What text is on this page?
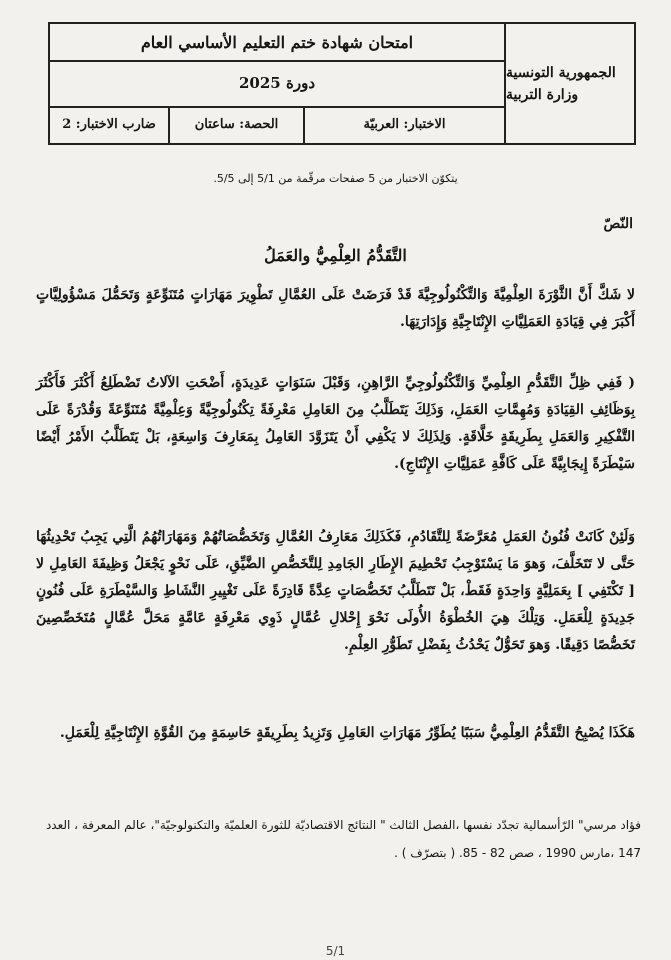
الجمهورية التونسية
وزارة التربية
امتحان شهادة ختم التعليم الأساسي العام
دورة 2025
الاختبار: العربيّة
الحصة: ساعتان
ضارب الاختبار: 2
يتكوّن الاختبار من 5 صفحات مرقّمة من 5/1 إلى 5/5.
النّصّ
التَّقَدُّمُ العِلْمِيُّ والعَمَلُ
لا شَكَّ أَنَّ الثَّوْرَةَ العِلْمِيَّةَ وَالتِّكْنُولُوجِيَّةَ قَدْ فَرَضَتْ عَلَى العُمَّالِ تَطْوِيرَ مَهَارَاتٍ مُتَنَوِّعَةٍ وَتَحَمُّلَ مَسْؤُولِيَّاتٍ أَكْبَرَ فِي قِيَادَةِ العَمَلِيَّاتِ الإِنْتَاجِيَّةِ وَإِدَارَتِهَا.
( فَفِي ظِلِّ التَّقَدُّمِ العِلْمِيِّ وَالتِّكْنُولُوجِيِّ الرَّاهِنِ، وَقَبْلَ سَنَوَاتٍ عَدِيدَةٍ، أَضْحَتِ الآلاتُ تَضْطَلِعُ أَكْثَرَ فَأَكْثَرَ بِوَظَائِفِ القِيَادَةِ وَمُهِمَّاتِ العَمَلِ، وَذَلِكَ يَتَطَلَّبُ مِنَ العَامِلِ مَعْرِفَةً تِكْنُولُوجِيَّةً وَعِلْمِيَّةً مُتَنَوِّعَةً وَقُدْرَةً عَلَى التَّفْكِيرِ وَالعَمَلِ بِطَرِيقَةٍ خَلَّاقَةٍ. وَلِذَلِكَ لا يَكْفِي أَنْ يَتَزَوَّدَ العَامِلُ بِمَعَارِفَ وَاسِعَةٍ، بَلْ يَتَطَلَّبُ الأَمْرُ أَيْضًا سَيْطَرَةً إِيجَابِيَّةً عَلَى كَافَّةِ عَمَلِيَّاتِ الإِنْتَاجِ).
وَلَئِنْ كَانَتْ فُنُونُ العَمَلِ مُعَرَّضَةً لِلتَّقَادُمِ، فَكَذَلِكَ مَعَارِفُ العُمَّالِ وَتَخَصُّصَاتُهُمْ وَمَهَارَاتُهُمُ الَّتِي يَجِبُ تَحْدِيثُهَا حَتَّى لا تَتَخَلَّفَ، وَهوَ مَا يَسْتَوْجِبُ تَحْطِيمَ الإِطَارِ الجَامِدِ لِلتَّخَصُّصِ الضَّيِّقِ، عَلَى نَحْوٍ يَجْعَلُ وَظِيفَةَ العَامِلِ لا [ تَكْتَفِي ] بِعَمَلِيَّةٍ وَاحِدَةٍ فَقَطْ، بَلْ تَتَطَلَّبُ تَخَصُّصَاتٍ عِدَّةً قَادِرَةً عَلَى تَغْيِيرِ النَّشَاطِ وَالسَّيْطَرَةِ عَلَى فُنُونٍ جَدِيدَةٍ لِلْعَمَلِ. وَتِلْكَ هِيَ الخُطْوَةُ الأُولَى نَحْوَ إِحْلالِ عُمَّالٍ ذَوِي مَعْرِفَةٍ عَامَّةٍ مَحَلَّ عُمَّالٍ مُتَخَصِّصِينَ تَخَصُّصًا دَقِيقًا. وَهوَ تَحَوُّلٌ يَحْدُثُ بِفَضْلِ تَطَوُّرِ العِلْمِ.
هَكَذَا يُصْبِحُ التَّقَدُّمُ العِلْمِيُّ سَبَبًا يُطَوِّرُ مَهَارَاتِ العَامِلِ وَتَزِيدُ بِطَرِيقَةٍ حَاسِمَةٍ مِنَ القُوَّةِ الإِنْتَاجِيَّةِ لِلْعَمَلِ.
فؤاد مرسي" الرّأسمالية تجدّد نفسها ،الفصل الثالث " النتائج الاقتصاديّة للثورة العلميّة والتكنولوجيّة"، عالم المعرفة ، العدد
147 ،مارس 1990 ، صص 82 - 85. ( بتصرّف ) .
5/1
